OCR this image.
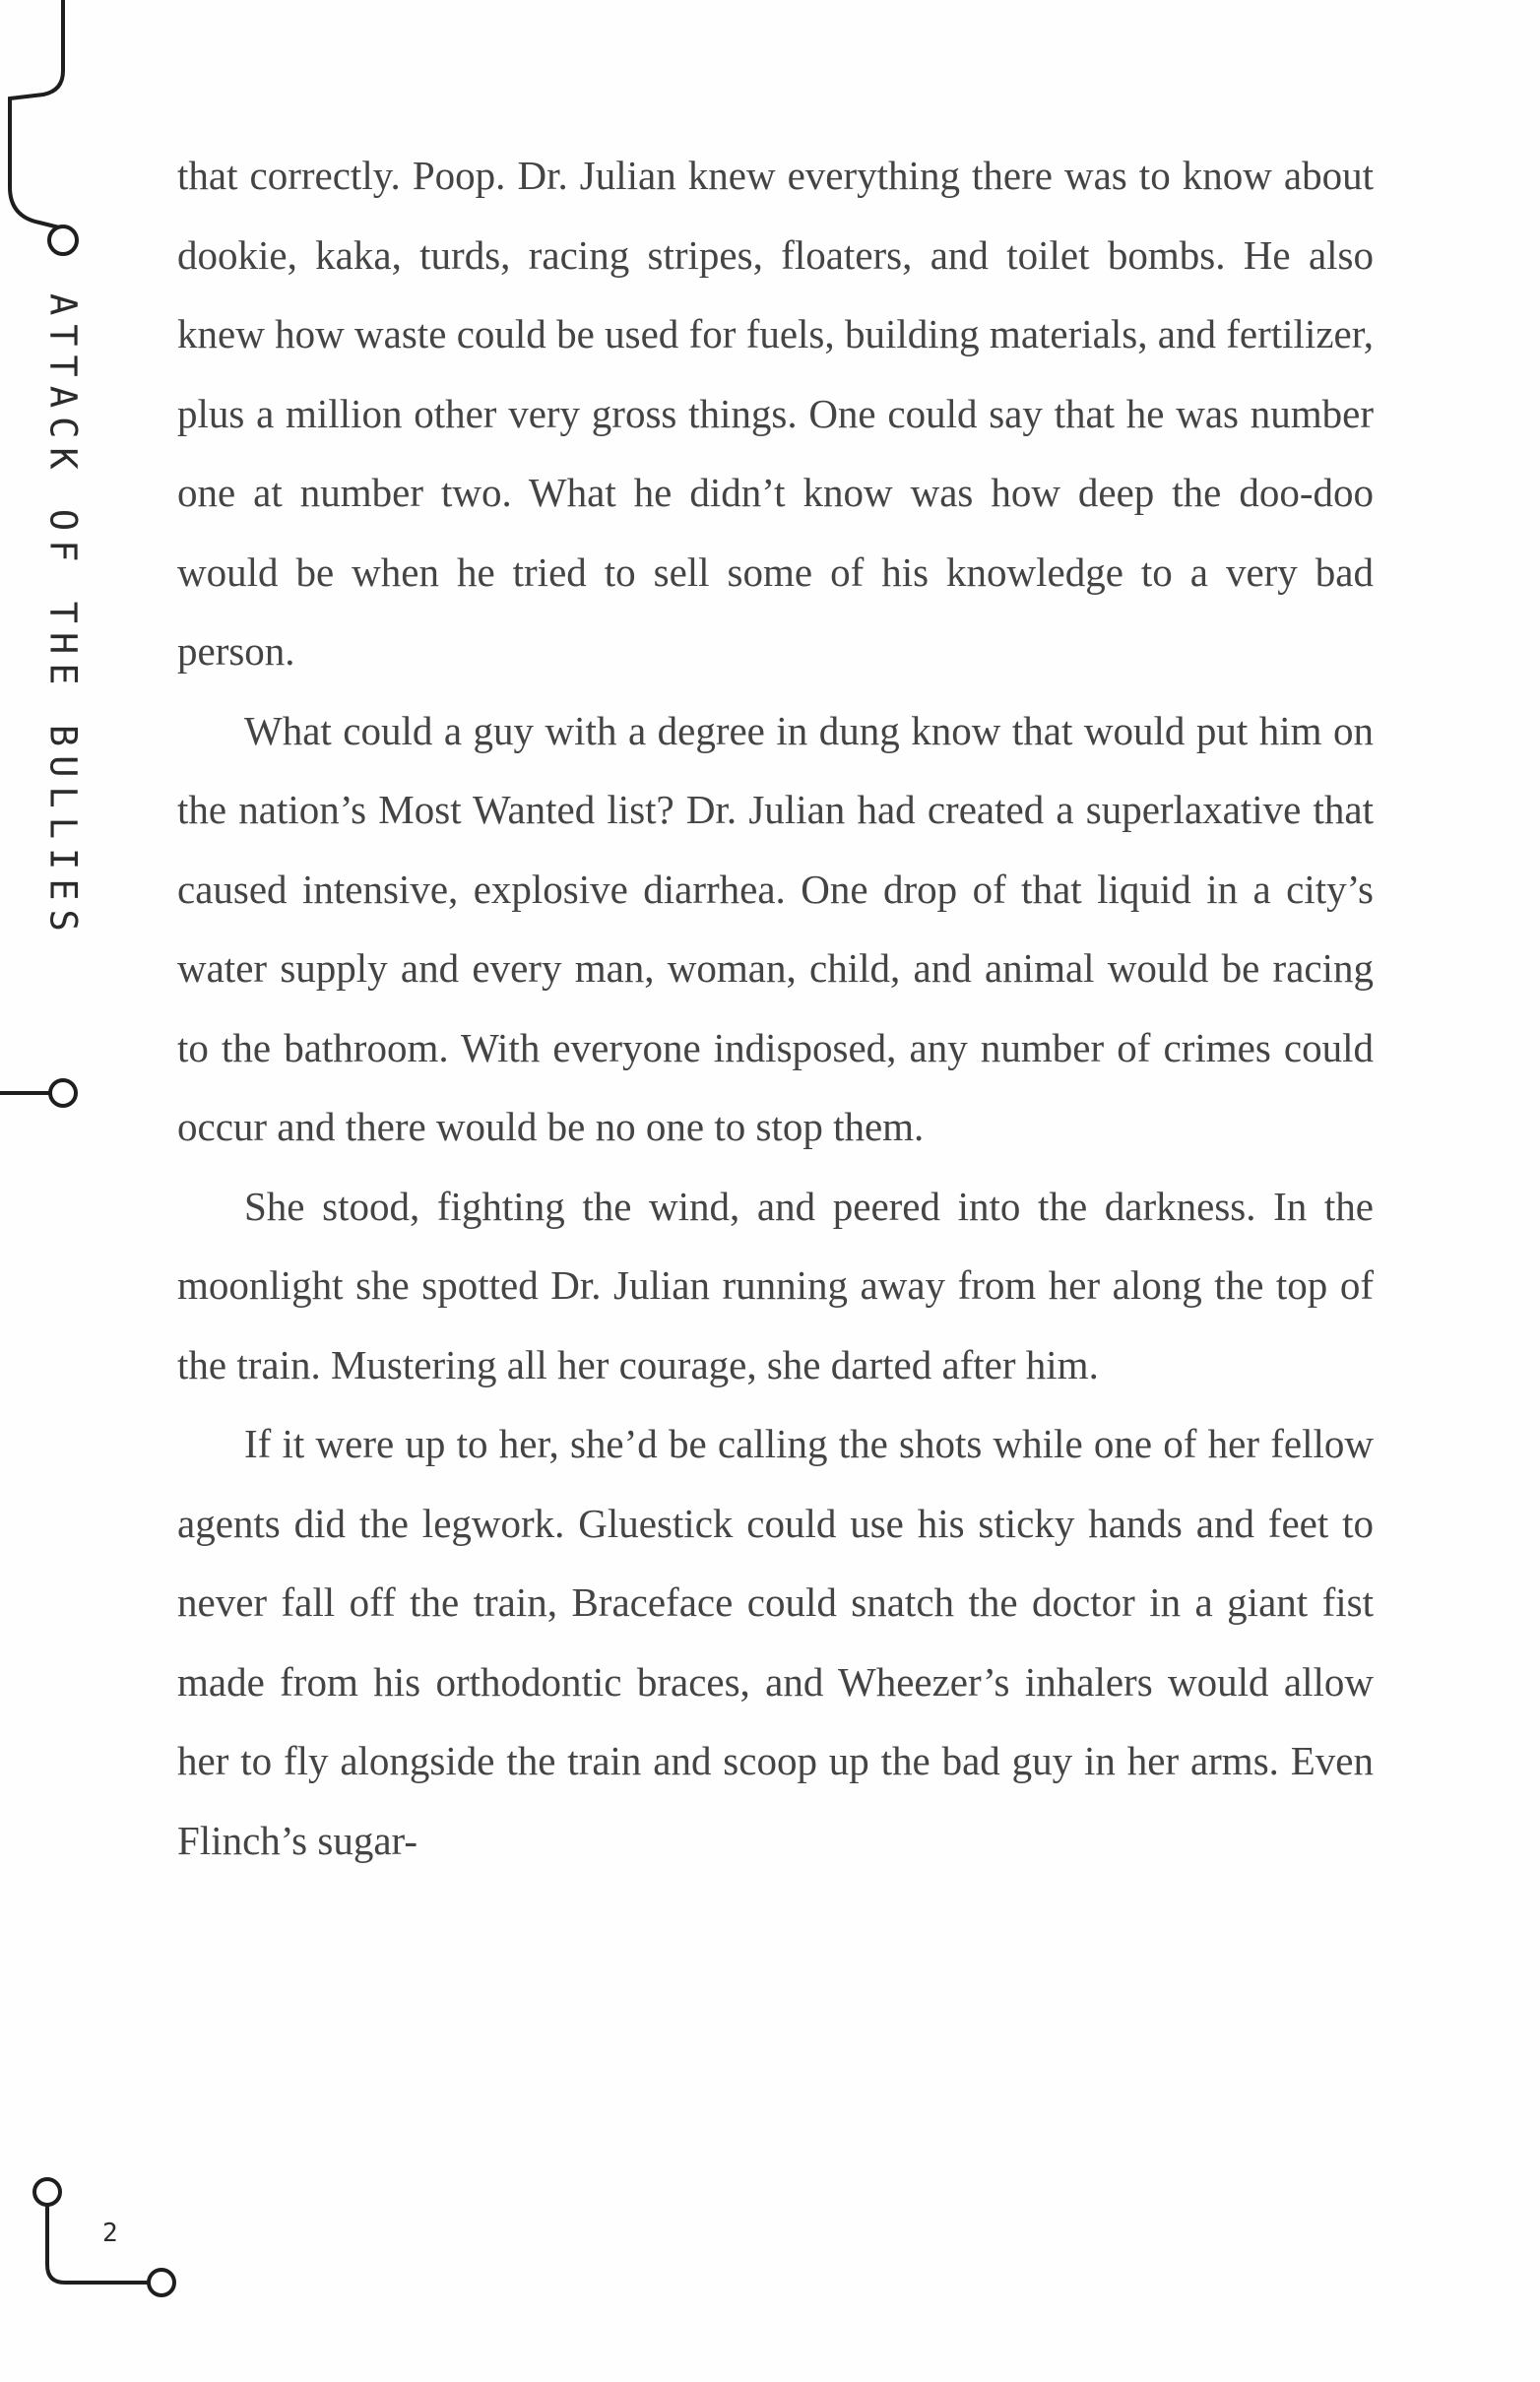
ATTACK OF THE BULLIES

that correctly. Poop. Dr. Julian knew everything there was to know about dookie, kaka, turds, racing stripes, floaters, and toilet bombs. He also knew how waste could be used for fuels, building materials, and fertilizer, plus a million other very gross things. One could say that he was number one at number two. What he didn’t know was how deep the doo-doo would be when he tried to sell some of his knowledge to a very bad person.

What could a guy with a degree in dung know that would put him on the nation’s Most Wanted list? Dr. Julian had created a superlaxative that caused intensive, explosive diarrhea. One drop of that liquid in a city’s water supply and every man, woman, child, and animal would be racing to the bathroom. With everyone indisposed, any number of crimes could occur and there would be no one to stop them.

She stood, fighting the wind, and peered into the darkness. In the moonlight she spotted Dr. Julian running away from her along the top of the train. Mustering all her courage, she darted after him.

If it were up to her, she’d be calling the shots while one of her fellow agents did the legwork. Gluestick could use his sticky hands and feet to never fall off the train, Braceface could snatch the doctor in a giant fist made from his orthodontic braces, and Wheezer’s inhalers would allow her to fly alongside the train and scoop up the bad guy in her arms. Even Flinch’s sugar-

2
